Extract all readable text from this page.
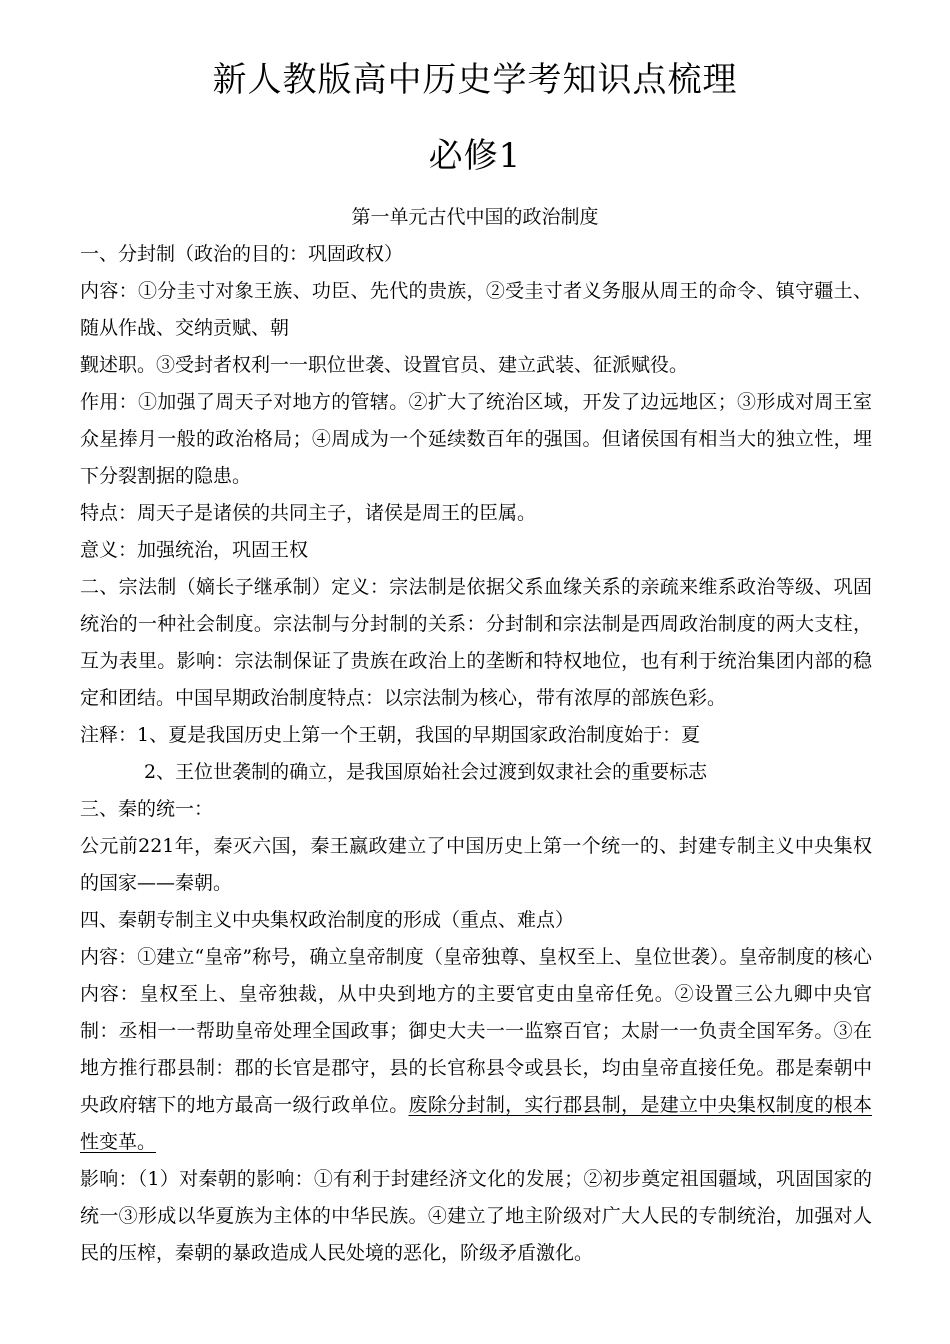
新人教版高中历史学考知识点梳理
必修1
第一单元古代中国的政治制度

一、分封制（政治的目的：巩固政权）

内容：①分圭寸对象王族、功臣、先代的贵族，②受圭寸者义务服从周王的命令、镇守疆土、随从作战、交纳贡赋、朝

觐述职。③受封者权利一一职位世袭、设置官员、建立武装、征派赋役。

作用：①加强了周天子对地方的管辖。②扩大了统治区域，开发了边远地区；③形成对周王室众星捧月一般的政治格局；④周成为一个延续数百年的强国。但诸侯国有相当大的独立性，埋下分裂割据的隐患。

特点：周天子是诸侯的共同主子，诸侯是周王的臣属。

意义：加强统治，巩固王权

二、宗法制（嫡长子继承制）定义：宗法制是依据父系血缘关系的亲疏来维系政治等级、巩固统治的一种社会制度。宗法制与分封制的关系：分封制和宗法制是西周政治制度的两大支柱，互为表里。影响：宗法制保证了贵族在政治上的垄断和特权地位，也有利于统治集团内部的稳定和团结。中国早期政治制度特点：以宗法制为核心，带有浓厚的部族色彩。

注释：1、夏是我国历史上第一个王朝，我国的早期国家政治制度始于：夏

2、王位世袭制的确立，是我国原始社会过渡到奴隶社会的重要标志

三、秦的统一：

公元前221年，秦灭六国，秦王嬴政建立了中国历史上第一个统一的、封建专制主义中央集权的国家——秦朝。

四、秦朝专制主义中央集权政治制度的形成（重点、难点）

内容：①建立“皇帝”称号，确立皇帝制度（皇帝独尊、皇权至上、皇位世袭）。皇帝制度的核心内容：皇权至上、皇帝独裁，从中央到地方的主要官吏由皇帝任免。②设置三公九卿中央官制：丞相一一帮助皇帝处理全国政事；御史大夫一一监察百官；太尉一一负责全国军务。③在地方推行郡县制：郡的长官是郡守，县的长官称县令或县长，均由皇帝直接任免。郡是秦朝中央政府辖下的地方最高一级行政单位。废除分封制，实行郡县制，是建立中央集权制度的根本性变革。

影响：（1）对秦朝的影响：①有利于封建经济文化的发展；②初步奠定祖国疆域，巩固国家的统一③形成以华夏族为主体的中华民族。④建立了地主阶级对广大人民的专制统治，加强对人民的压榨，秦朝的暴政造成人民处境的恶化，阶级矛盾激化。
